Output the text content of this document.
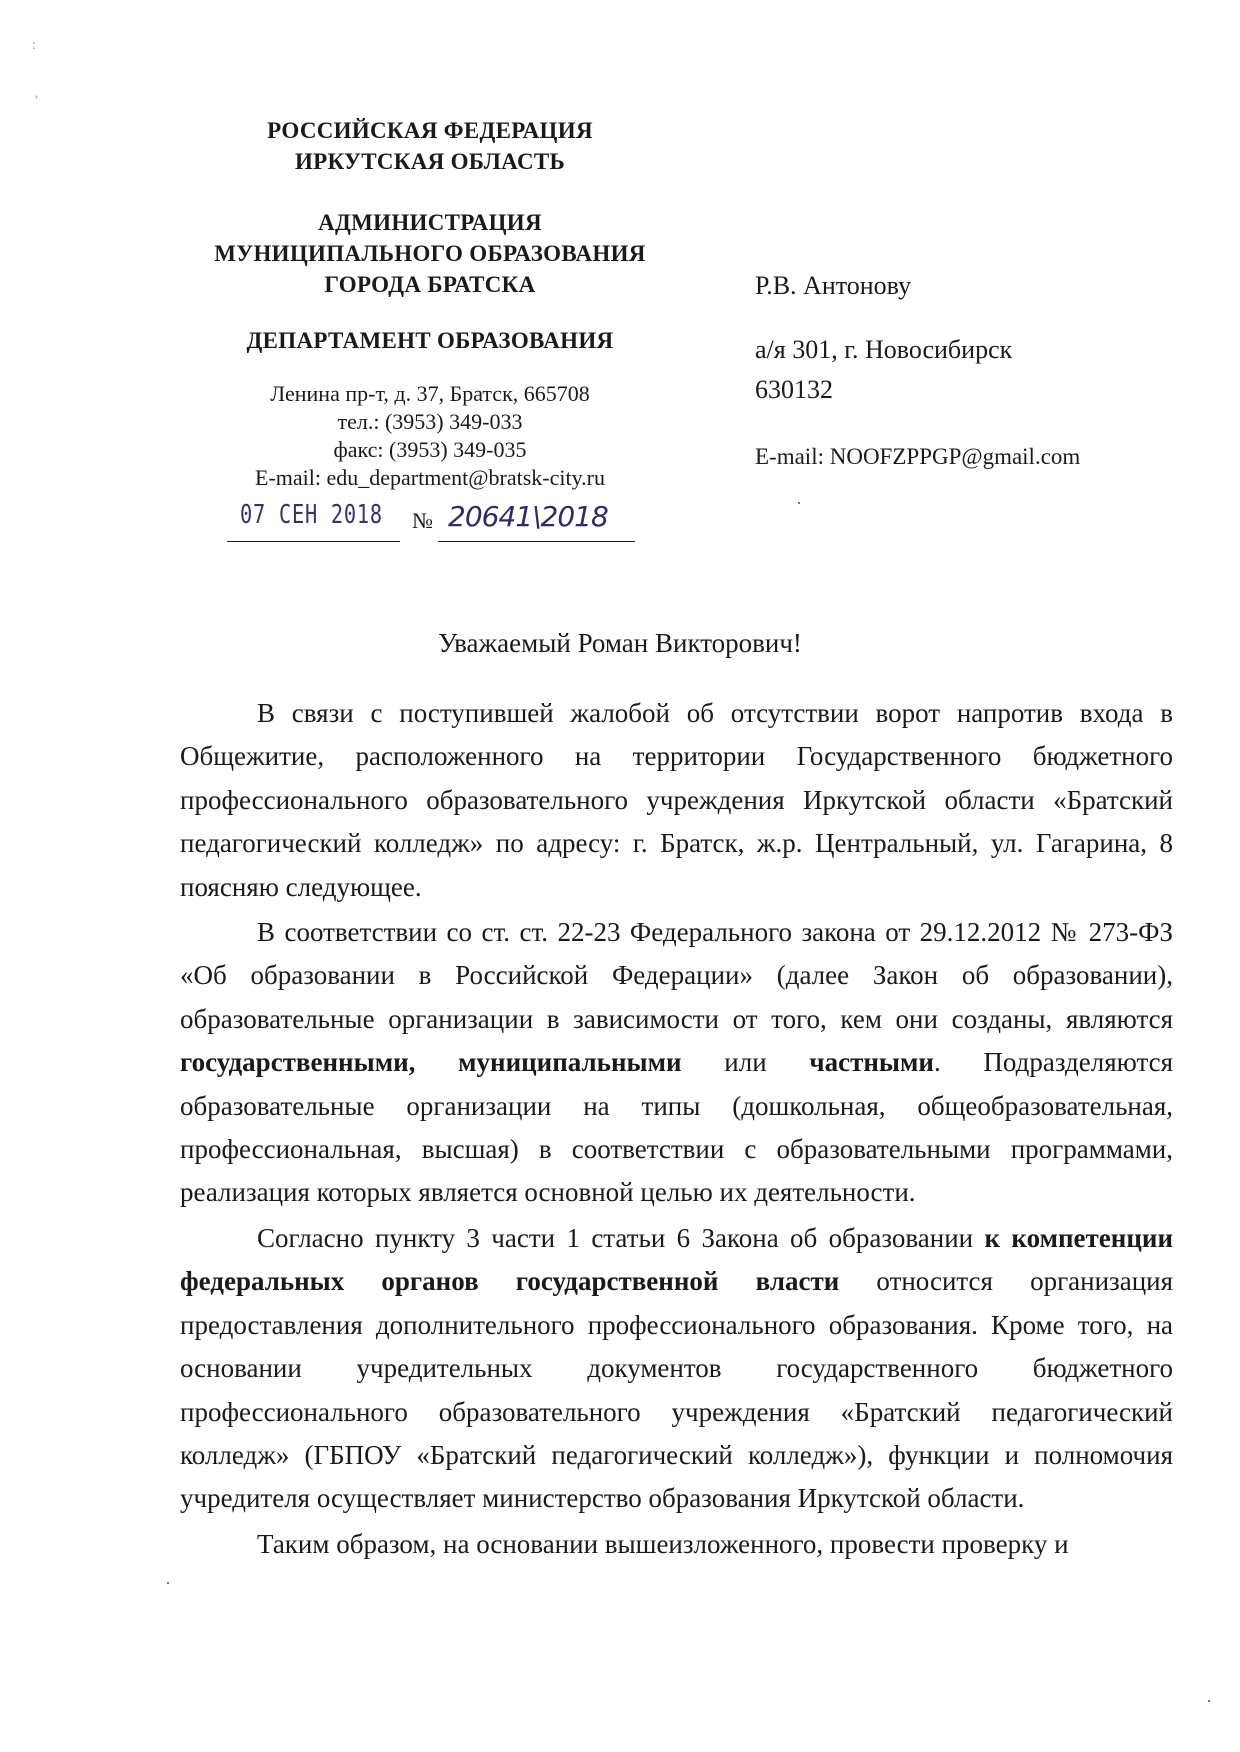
:
‚
РОССИЙСКАЯ ФЕДЕРАЦИЯ
ИРКУТСКАЯ ОБЛАСТЬ
АДМИНИСТРАЦИЯ
МУНИЦИПАЛЬНОГО ОБРАЗОВАНИЯ
ГОРОДА БРАТСКА
ДЕПАРТАМЕНТ ОБРАЗОВАНИЯ
Ленина пр-т, д. 37, Братск, 665708
тел.: (3953) 349-033
факс: (3953) 349-035
E-mail: edu_department@bratsk-city.ru
07 СЕН 2018 № 20641\2018
Р.В. Антонову
а/я 301, г. Новосибирск
630132
E-mail: NOOFZPPGP@gmail.com
Уважаемый Роман Викторович!

В связи с поступившей жалобой об отсутствии ворот напротив входа в Общежитие, расположенного на территории Государственного бюджетного профессионального образовательного учреждения Иркутской области «Братский педагогический колледж» по адресу: г. Братск, ж.р. Центральный, ул. Гагарина, 8 поясняю следующее.

В соответствии со ст. ст. 22-23 Федерального закона от 29.12.2012 № 273-ФЗ «Об образовании в Российской Федерации» (далее Закон об образовании), образовательные организации в зависимости от того, кем они созданы, являются государственными, муниципальными или частными. Подразделяются образовательные организации на типы (дошкольная, общеобразовательная, профессиональная, высшая) в соответствии с образовательными программами, реализация которых является основной целью их деятельности.

Согласно пункту 3 части 1 статьи 6 Закона об образовании к компетенции федеральных органов государственной власти относится организация предоставления дополнительного профессионального образования. Кроме того, на основании учредительных документов государственного бюджетного профессионального образовательного учреждения «Братский педагогический колледж» (ГБПОУ «Братский педагогический колледж»), функции и полномочия учредителя осуществляет министерство образования Иркутской области.

Таким образом, на основании вышеизложенного, провести проверку и
